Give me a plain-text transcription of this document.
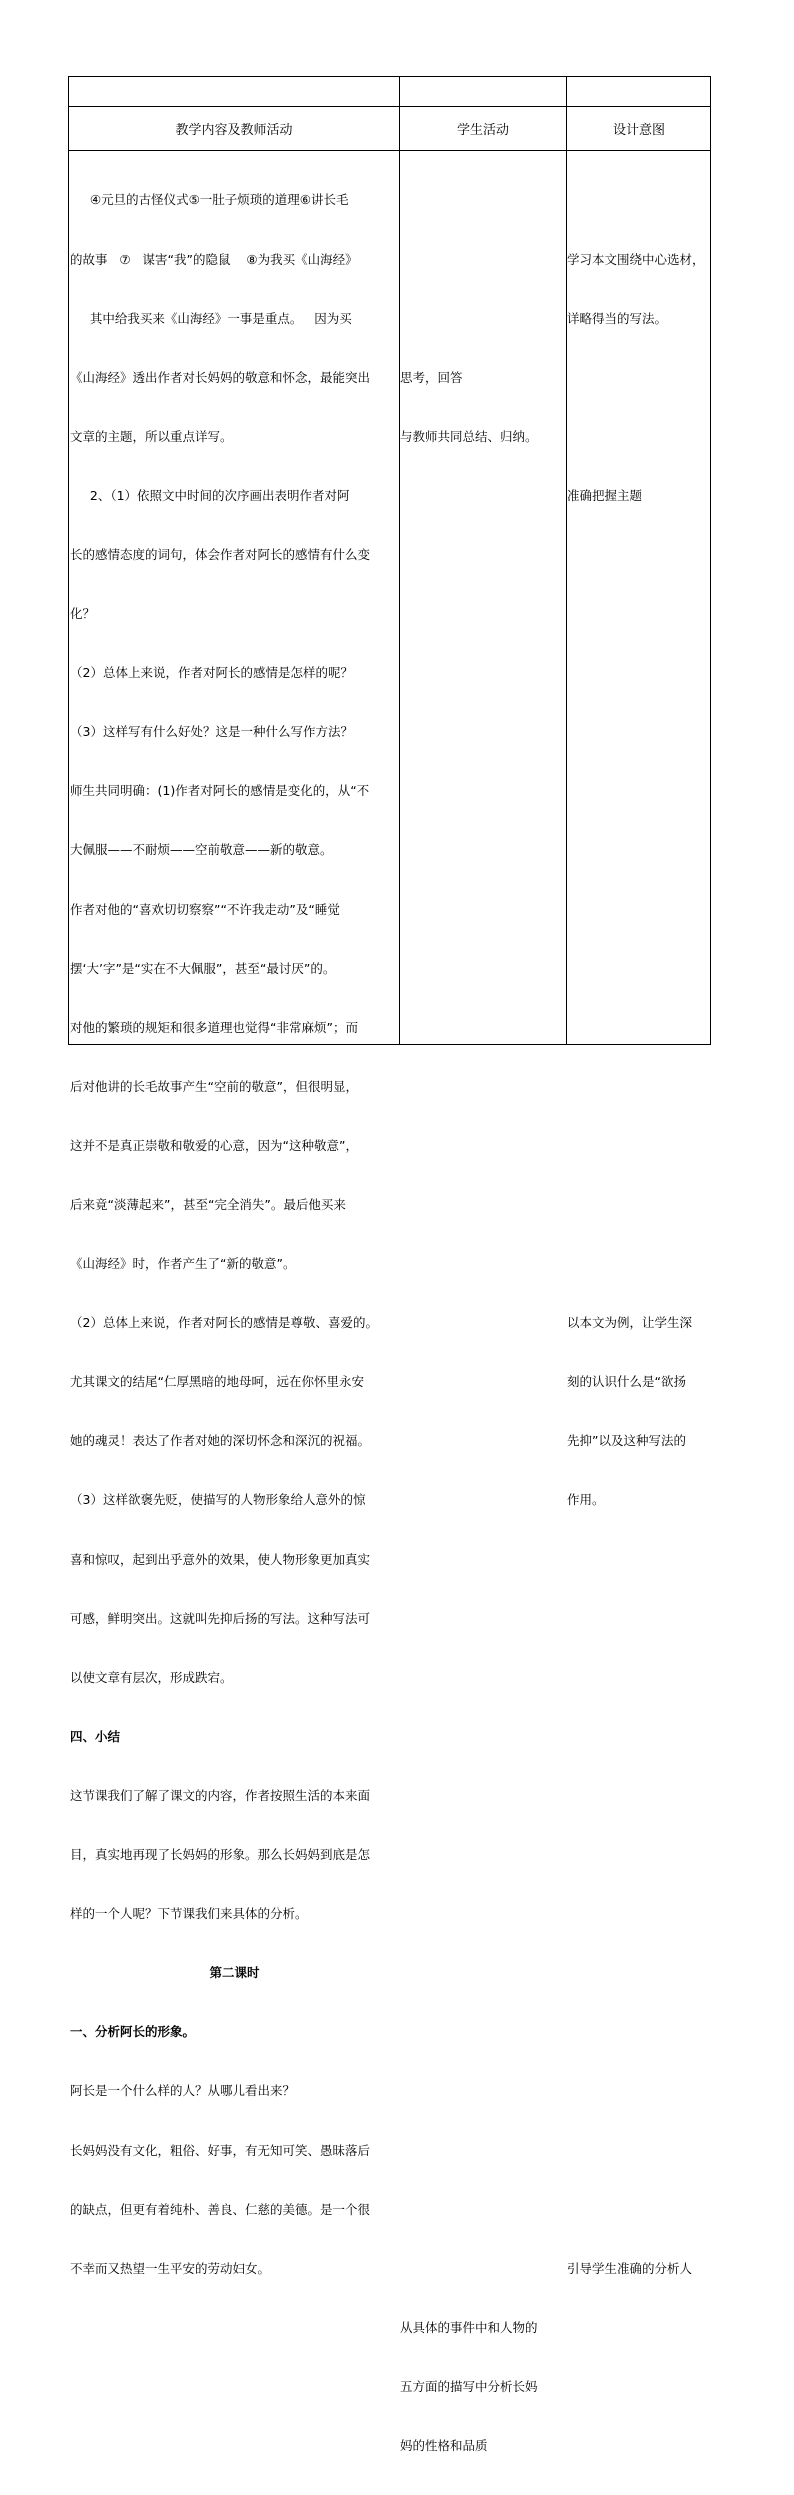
教学内容及教师活动	学生活动	设计意图

④元旦的古怪仪式⑤一肚子烦琐的道理⑥讲长毛

的故事   ⑦   谋害“我”的隐鼠    ⑧为我买《山海经》

其中给我买来《山海经》一事是重点。   因为买

《山海经》透出作者对长妈妈的敬意和怀念，最能突出

文章的主题，所以重点详写。

2、（1）依照文中时间的次序画出表明作者对阿

长的感情态度的词句，体会作者对阿长的感情有什么变

化？

（2）总体上来说，作者对阿长的感情是怎样的呢？

（3）这样写有什么好处？这是一种什么写作方法？

师生共同明确：(1)作者对阿长的感情是变化的，从“不

大佩服——不耐烦——空前敬意——新的敬意。

作者对他的“喜欢切切察察”“不许我走动”及“睡觉

摆‘大’字”是“实在不大佩服”，甚至“最讨厌”的。

对他的繁琐的规矩和很多道理也觉得“非常麻烦”；而

后对他讲的长毛故事产生“空前的敬意”，但很明显，

这并不是真正崇敬和敬爱的心意，因为“这种敬意”，

后来竟“淡薄起来”，甚至“完全消失”。最后他买来

《山海经》时，作者产生了“新的敬意”。

（2）总体上来说，作者对阿长的感情是尊敬、喜爱的。

尤其课文的结尾“仁厚黑暗的地母呵，远在你怀里永安

她的魂灵！表达了作者对她的深切怀念和深沉的祝福。

（3）这样欲褒先贬，使描写的人物形象给人意外的惊

喜和惊叹，起到出乎意外的效果，使人物形象更加真实

可感，鲜明突出。这就叫先抑后扬的写法。这种写法可

以使文章有层次，形成跌宕。

四、小结

这节课我们了解了课文的内容，作者按照生活的本来面

目，真实地再现了长妈妈的形象。那么长妈妈到底是怎

样的一个人呢？下节课我们来具体的分析。

第二课时

一、分析阿长的形象。

阿长是一个什么样的人？从哪儿看出来？

长妈妈没有文化，粗俗、好事，有无知可笑、愚昧落后

的缺点，但更有着纯朴、善良、仁慈的美德。是一个很

不幸而又热望一生平安的劳动妇女。

思考，回答

与教师共同总结、归纳。

从具体的事件中和人物的

五方面的描写中分析长妈

妈的性格和品质

学习本文围绕中心选材，

详略得当的写法。

准确把握主题

以本文为例，让学生深

刻的认识什么是“欲扬

先抑”以及这种写法的

作用。

引导学生准确的分析人
